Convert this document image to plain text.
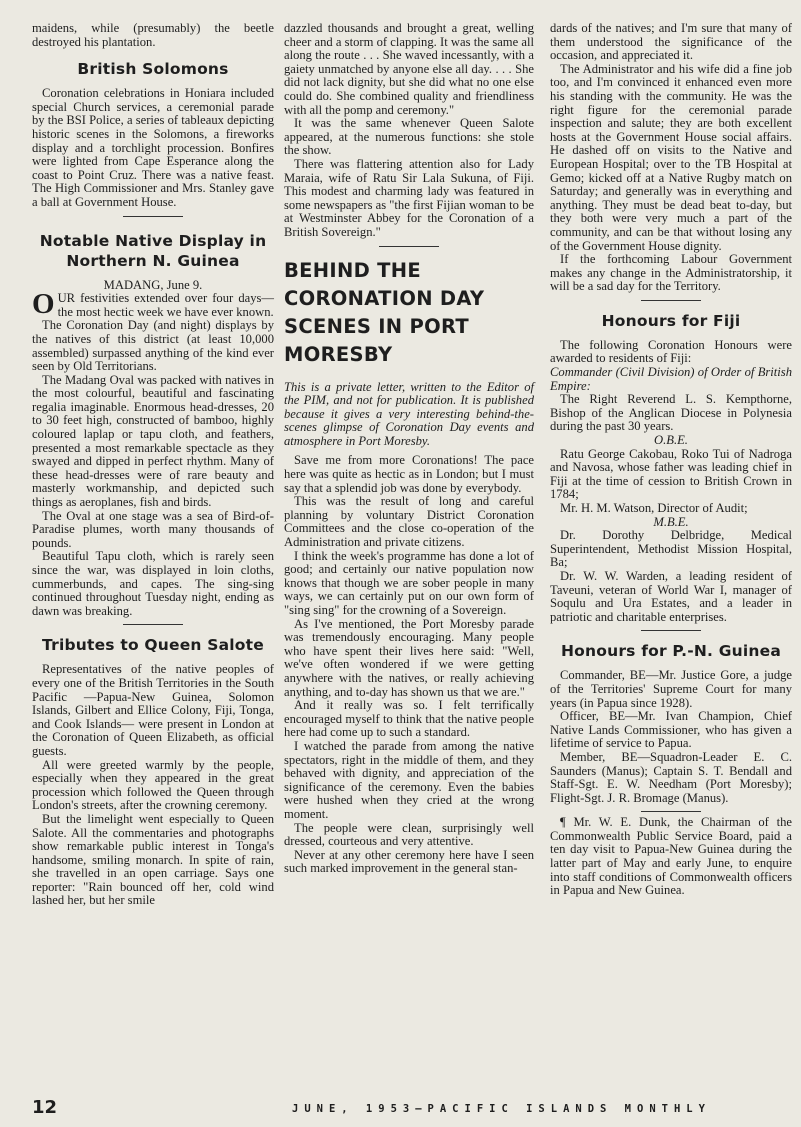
maidens, while (presumably) the beetle destroyed his plantation.

British Solomons

Coronation celebrations in Honiara included special Church services, a ceremonial parade by the BSI Police, a series of tableaux depicting historic scenes in the Solomons, a fireworks display and a torchlight procession. Bonfires were lighted from Cape Esperance along the coast to Point Cruz. There was a native feast. The High Commissioner and Mrs. Stanley gave a ball at Government House.

Notable Native Display in Northern N. Guinea

MADANG, June 9.

OUR festivities extended over four days—the most hectic week we have ever known.

The Coronation Day (and night) displays by the natives of this district (at least 10,000 assembled) surpassed anything of the kind ever seen by Old Territorians.

The Madang Oval was packed with natives in the most colourful, beautiful and fascinating regalia imaginable. Enormous head-dresses, 20 to 30 feet high, constructed of bamboo, highly coloured laplap or tapu cloth, and feathers, presented a most remarkable spectacle as they swayed and dipped in perfect rhythm. Many of these head-dresses were of rare beauty and masterly workmanship, and depicted such things as aeroplanes, fish and birds.

The Oval at one stage was a sea of Bird-of-Paradise plumes, worth many thousands of pounds.

Beautiful Tapu cloth, which is rarely seen since the war, was displayed in loin cloths, cummerbunds, and capes. The sing-sing continued throughout Tuesday night, ending as dawn was breaking.

Tributes to Queen Salote

Representatives of the native peoples of every one of the British Territories in the South Pacific —Papua-New Guinea, Solomon Islands, Gilbert and Ellice Colony, Fiji, Tonga, and Cook Islands— were present in London at the Coronation of Queen Elizabeth, as official guests.

All were greeted warmly by the people, especially when they appeared in the great procession which followed the Queen through London's streets, after the crowning ceremony.

But the limelight went especially to Queen Salote. All the commentaries and photographs show remarkable public interest in Tonga's handsome, smiling monarch. In spite of rain, she travelled in an open carriage. Says one reporter: "Rain bounced off her, cold wind lashed her, but her smile

dazzled thousands and brought a great, welling cheer and a storm of clapping. It was the same all along the route . . . She waved incessantly, with a gaiety unmatched by anyone else all day. . . . She did not lack dignity, but she did what no one else could do. She combined quality and friendliness with all the pomp and ceremony."

It was the same whenever Queen Salote appeared, at the numerous functions: she stole the show.

There was flattering attention also for Lady Maraia, wife of Ratu Sir Lala Sukuna, of Fiji. This modest and charming lady was featured in some newspapers as "the first Fijian woman to be at Westminster Abbey for the Coronation of a British Sovereign."

BEHIND THE CORONATION DAY SCENES IN PORT MORESBY

This is a private letter, written to the Editor of the PIM, and not for publication. It is published because it gives a very interesting behind-the-scenes glimpse of Coronation Day events and atmosphere in Port Moresby.

Save me from more Coronations! The pace here was quite as hectic as in London; but I must say that a splendid job was done by everybody.

This was the result of long and careful planning by voluntary District Coronation Committees and the close co-operation of the Administration and private citizens.

I think the week's programme has done a lot of good; and certainly our native population now knows that though we are sober people in many ways, we can certainly put on our own form of "sing sing" for the crowning of a Sovereign.

As I've mentioned, the Port Moresby parade was tremendously encouraging. Many people who have spent their lives here said: "Well, we've often wondered if we were getting anywhere with the natives, or really achieving anything, and to-day has shown us that we are."

And it really was so. I felt terrifically encouraged myself to think that the native people here had come up to such a standard.

I watched the parade from among the native spectators, right in the middle of them, and they behaved with dignity, and appreciation of the significance of the ceremony. Even the babies were hushed when they cried at the wrong moment.

The people were clean, surprisingly well dressed, courteous and very attentive.

Never at any other ceremony here have I seen such marked improvement in the general stan-

dards of the natives; and I'm sure that many of them understood the significance of the occasion, and appreciated it.

The Administrator and his wife did a fine job too, and I'm convinced it enhanced even more his standing with the community. He was the right figure for the ceremonial parade inspection and salute; they are both excellent hosts at the Government House social affairs. He dashed off on visits to the Native and European Hospital; over to the TB Hospital at Gemo; kicked off at a Native Rugby match on Saturday; and generally was in everything and anything. They must be dead beat to-day, but they both were very much a part of the community, and can be that without losing any of the Government House dignity.

If the forthcoming Labour Government makes any change in the Administratorship, it will be a sad day for the Territory.

Honours for Fiji

The following Coronation Honours were awarded to residents of Fiji:

Commander (Civil Division) of Order of British Empire:

The Right Reverend L. S. Kempthorne, Bishop of the Anglican Diocese in Polynesia during the past 30 years.

O.B.E.

Ratu George Cakobau, Roko Tui of Nadroga and Navosa, whose father was leading chief in Fiji at the time of cession to British Crown in 1784;

Mr. H. M. Watson, Director of Audit;

M.B.E.

Dr. Dorothy Delbridge, Medical Superintendent, Methodist Mission Hospital, Ba;

Dr. W. W. Warden, a leading resident of Taveuni, veteran of World War I, manager of Soqulu and Ura Estates, and a leader in patriotic and charitable enterprises.

Honours for P.-N. Guinea

Commander, BE—Mr. Justice Gore, a judge of the Territories' Supreme Court for many years (in Papua since 1928).

Officer, BE—Mr. Ivan Champion, Chief Native Lands Commissioner, who has given a lifetime of service to Papua.

Member, BE—Squadron-Leader E. C. Saunders (Manus); Captain S. T. Bendall and Staff-Sgt. E. W. Needham (Port Moresby); Flight-Sgt. J. R. Bromage (Manus).

¶ Mr. W. E. Dunk, the Chairman of the Commonwealth Public Service Board, paid a ten day visit to Papua-New Guinea during the latter part of May and early June, to enquire into staff conditions of Commonwealth officers in Papua and New Guinea.

12	JUNE, 1953—PACIFIC ISLANDS MONTHLY
